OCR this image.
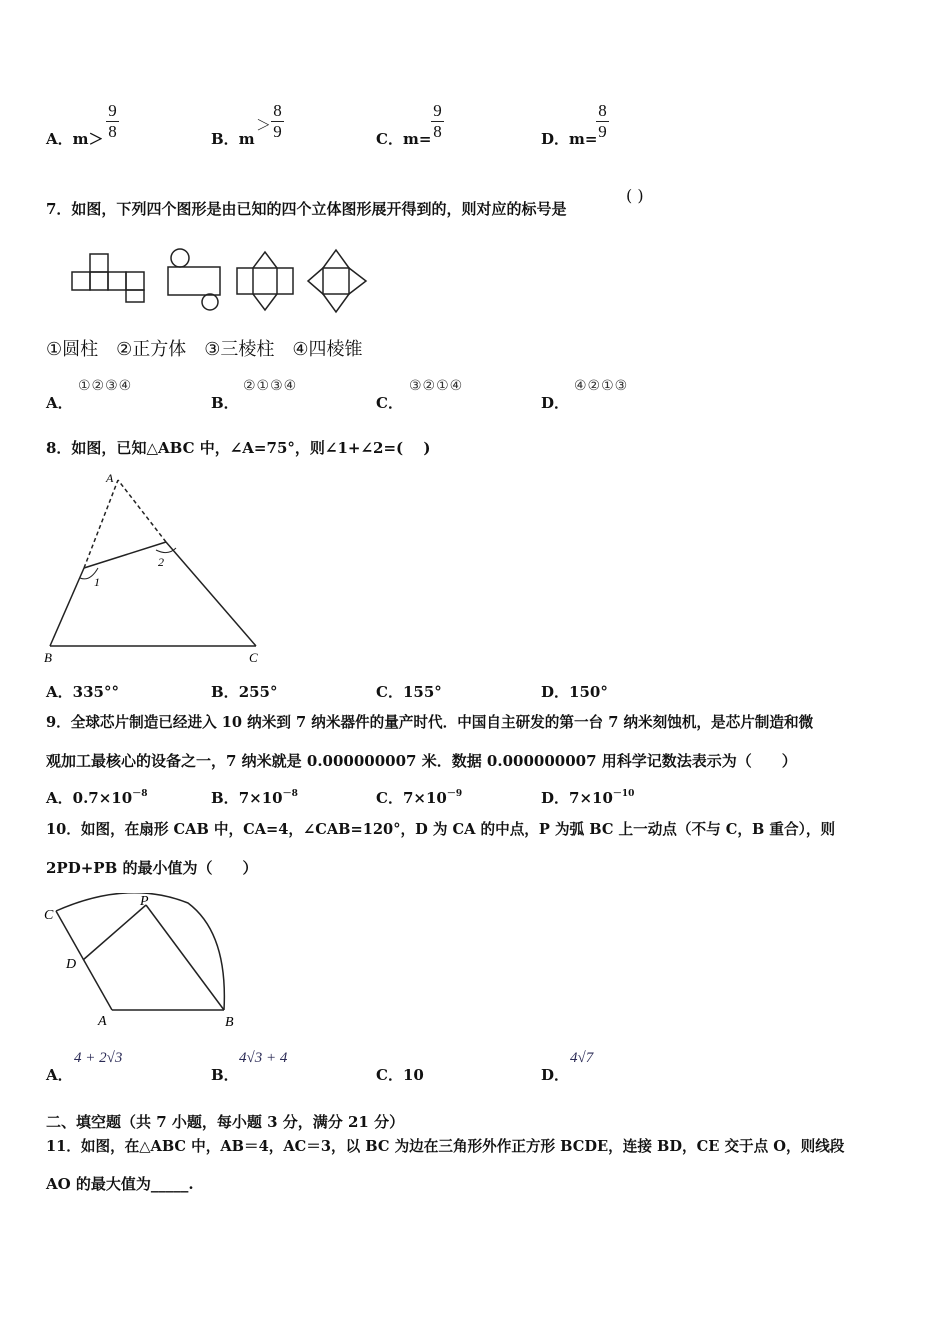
A．m＞
9
8	B．m
＞
8
9	C．m=
9
8	D．m=
8
9
7．如图，下列四个图形是由已知的四个立体图形展开得到的，则对应的标号是
( )
①圆柱　②正方体　③三棱柱　④四棱锥
A．
①②③④
B．
②①③④
C．
③②①④
D．
④②①③
8．如图，已知△ABC 中，∠A=75°，则∠1+∠2=(　 )
A
B	C
1
2
A．335°°	B．255°	C．155°	D．150°
9．全球芯片制造已经进入 10 纳米到 7 纳米器件的量产时代．中国自主研发的第一台 7 纳米刻蚀机，是芯片制造和微
观加工最核心的设备之一，7 纳米就是 0.000000007 米．数据 0.000000007 用科学记数法表示为（　　）
A．$0.7\times 10^{-8}$	B．$7\times 10^{-8}$	C．$7\times 10^{-9}$	D．$7\times 10^{-10}$
10．如图，在扇形 CAB 中，CA=4，∠CAB=120°，D 为 CA 的中点，P 为弧 BC 上一动点（不与 C，B 重合），则
2PD+PB 的最小值为（　　）
C
P
D
A	B
A．
4 + 2√3
B．
4√3 + 4
C．10	D．
4√7
二、填空题（共 7 小题，每小题 3 分，满分 21 分）
11．如图，在△ABC 中，AB＝4，AC＝3，以 BC 为边在三角形外作正方形 BCDE，连接 BD，CE 交于点 O，则线段
AO 的最大值为_____.
